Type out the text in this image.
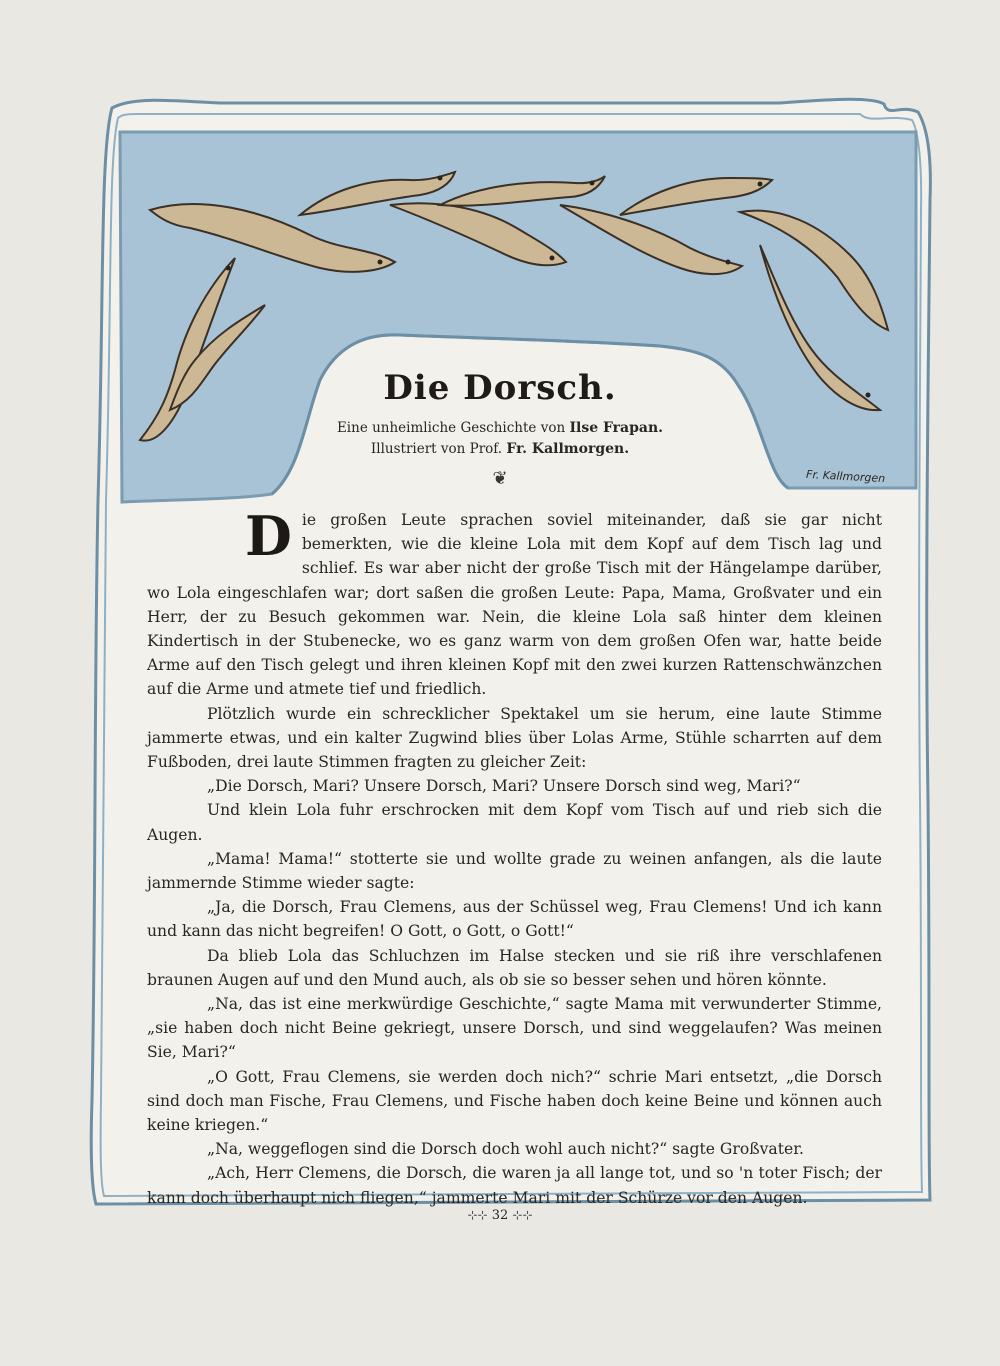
Die Dorsch.
Eine unheimliche Geschichte von Ilse Frapan.
Illustriert von Prof. Fr. Kallmorgen.
❦	Fr. Kallmorgen

D ie großen Leute sprachen soviel miteinander, daß sie gar nicht bemerkten, wie die kleine Lola mit dem Kopf auf dem Tisch lag und schlief. Es war aber nicht der große Tisch mit der Hängelampe darüber, wo Lola eingeschlafen war; dort saßen die großen Leute: Papa, Mama, Großvater und ein Herr, der zu Besuch gekommen war. Nein, die kleine Lola saß hinter dem kleinen Kindertisch in der Stubenecke, wo es ganz warm von dem großen Ofen war, hatte beide Arme auf den Tisch gelegt und ihren kleinen Kopf mit den zwei kurzen Rattenschwänzchen auf die Arme und atmete tief und friedlich.

Plötzlich wurde ein schrecklicher Spektakel um sie herum, eine laute Stimme jammerte etwas, und ein kalter Zugwind blies über Lolas Arme, Stühle scharrten auf dem Fußboden, drei laute Stimmen fragten zu gleicher Zeit:

„Die Dorsch, Mari? Unsere Dorsch, Mari? Unsere Dorsch sind weg, Mari?“

Und klein Lola fuhr erschrocken mit dem Kopf vom Tisch auf und rieb sich die Augen.

„Mama! Mama!“ stotterte sie und wollte grade zu weinen anfangen, als die laute jammernde Stimme wieder sagte:

„Ja, die Dorsch, Frau Clemens, aus der Schüssel weg, Frau Clemens! Und ich kann und kann das nicht begreifen! O Gott, o Gott, o Gott!“

Da blieb Lola das Schluchzen im Halse stecken und sie riß ihre verschlafenen braunen Augen auf und den Mund auch, als ob sie so besser sehen und hören könnte.

„Na, das ist eine merkwürdige Geschichte,“ sagte Mama mit verwunderter Stimme, „sie haben doch nicht Beine gekriegt, unsere Dorsch, und sind weggelaufen? Was meinen Sie, Mari?“

„O Gott, Frau Clemens, sie werden doch nich?“ schrie Mari entsetzt, „die Dorsch sind doch man Fische, Frau Clemens, und Fische haben doch keine Beine und können auch keine kriegen.“

„Na, weggeflogen sind die Dorsch doch wohl auch nicht?“ sagte Großvater.

„Ach, Herr Clemens, die Dorsch, die waren ja all lange tot, und so 'n toter Fisch; der kann doch überhaupt nich fliegen,“ jammerte Mari mit der Schürze vor den Augen.

⊹⊹ 32 ⊹⊹
